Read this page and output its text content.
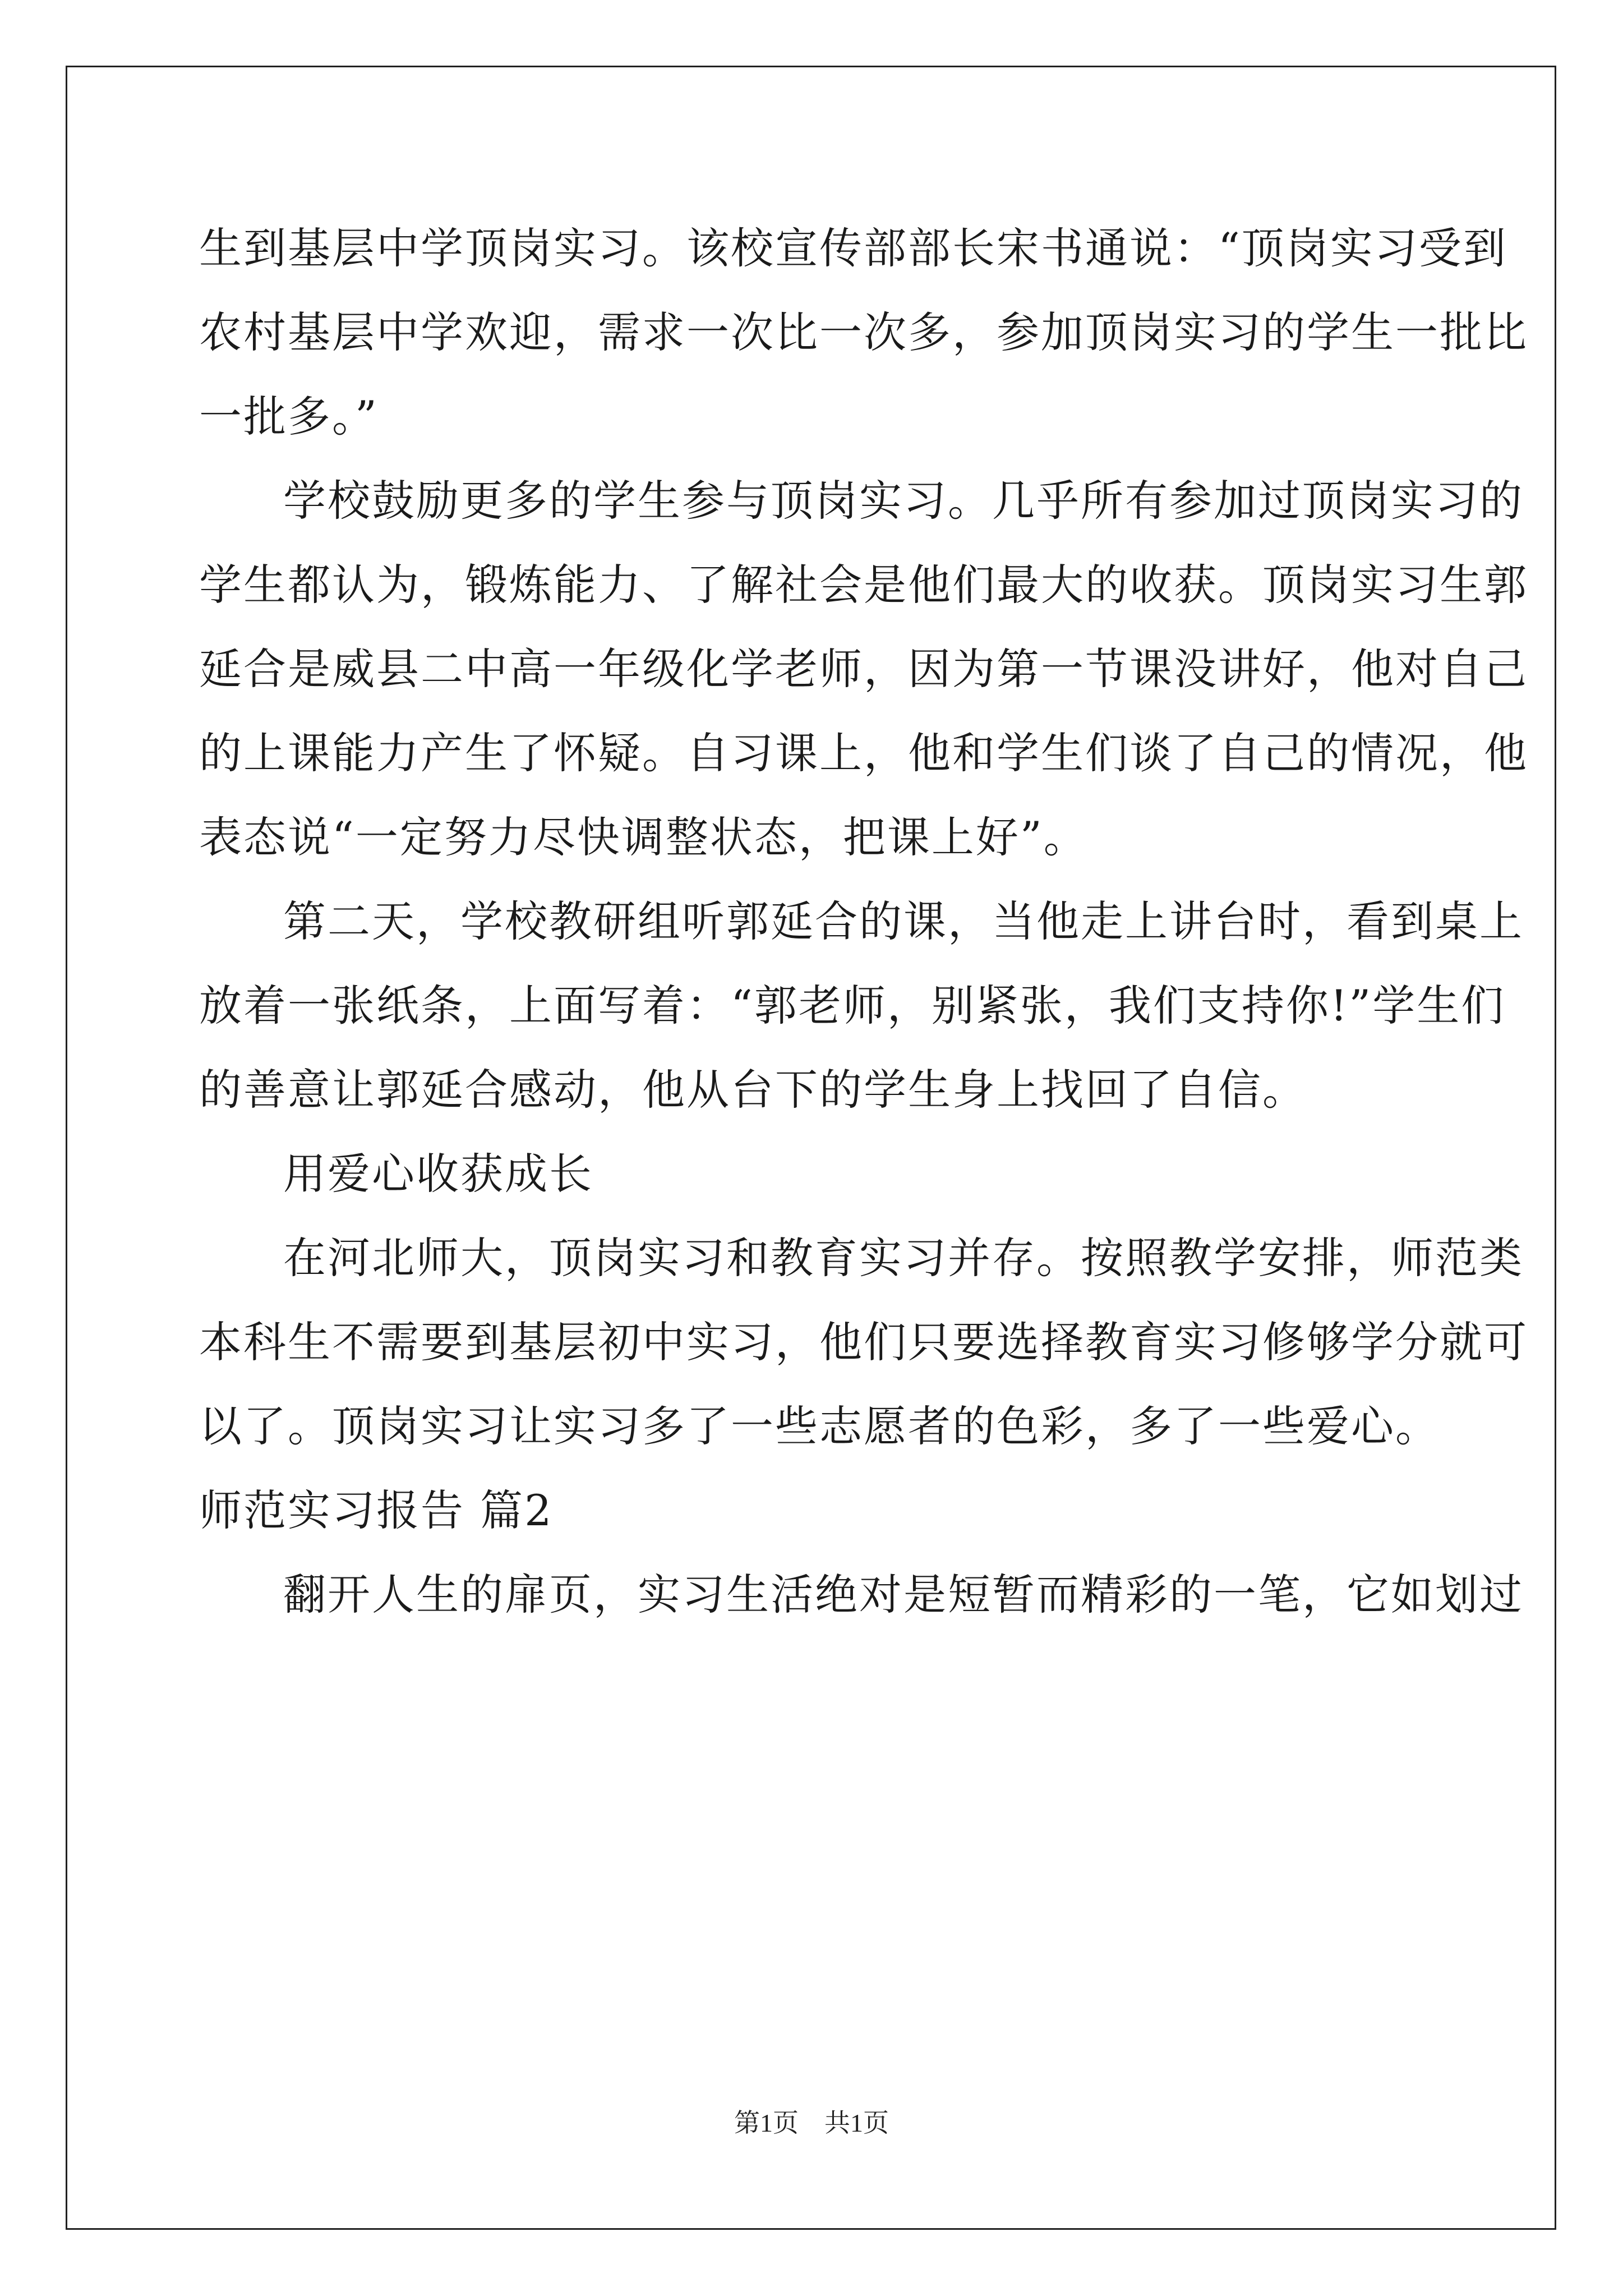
生到基层中学顶岗实习。该校宣传部部长宋书通说：“顶岗实习受到
农村基层中学欢迎，需求一次比一次多，参加顶岗实习的学生一批比
一批多。”
学校鼓励更多的学生参与顶岗实习。几乎所有参加过顶岗实习的
学生都认为，锻炼能力、了解社会是他们最大的收获。顶岗实习生郭
延合是威县二中高一年级化学老师，因为第一节课没讲好，他对自己
的上课能力产生了怀疑。自习课上，他和学生们谈了自己的情况，他
表态说“一定努力尽快调整状态，把课上好”。
第二天，学校教研组听郭延合的课，当他走上讲台时，看到桌上
放着一张纸条，上面写着：“郭老师，别紧张，我们支持你!”学生们
的善意让郭延合感动，他从台下的学生身上找回了自信。
用爱心收获成长
在河北师大，顶岗实习和教育实习并存。按照教学安排，师范类
本科生不需要到基层初中实习，他们只要选择教育实习修够学分就可
以了。顶岗实习让实习多了一些志愿者的色彩，多了一些爱心。
师范实习报告 篇2
翻开人生的扉页，实习生活绝对是短暂而精彩的一笔，它如划过
第1页　共1页
